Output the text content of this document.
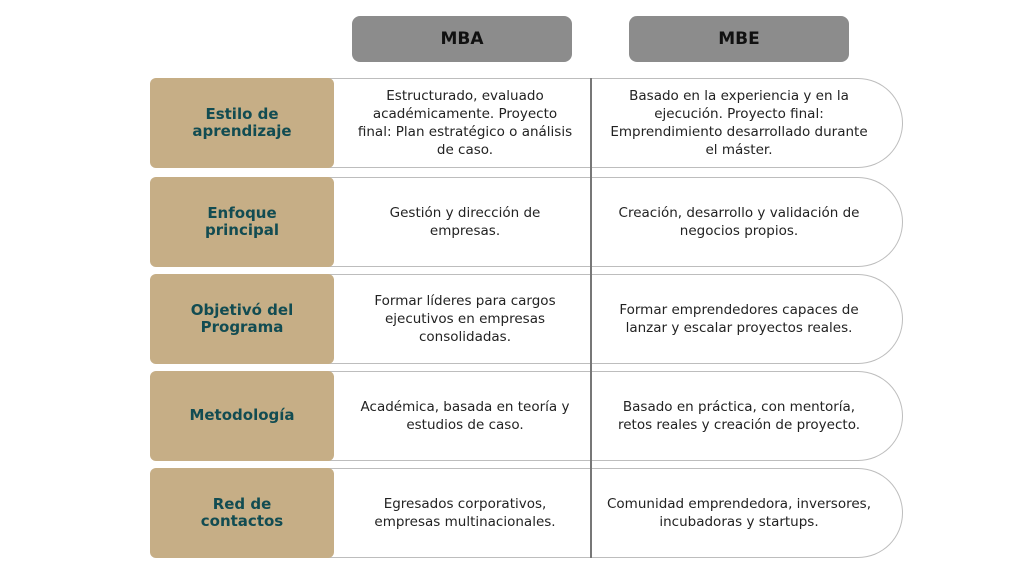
MBA	MBE
Estilo de
aprendizaje
Estructurado, evaluado académicamente. Proyecto final: Plan estratégico o análisis de caso.
Basado en la experiencia y en la ejecución. Proyecto final: Emprendimiento desarrollado durante el máster.
Enfoque
principal
Gestión y dirección de empresas.
Creación, desarrollo y validación de negocios propios.
Objetivó del
Programa
Formar líderes para cargos ejecutivos en empresas consolidadas.
Formar emprendedores capaces de lanzar y escalar proyectos reales.
Metodología	Académica, basada en teoría y estudios de caso.
Basado en práctica, con mentoría, retos reales y creación de proyecto.
Red de
contactos
Egresados corporativos, empresas multinacionales.
Comunidad emprendedora, inversores, incubadoras y startups.
